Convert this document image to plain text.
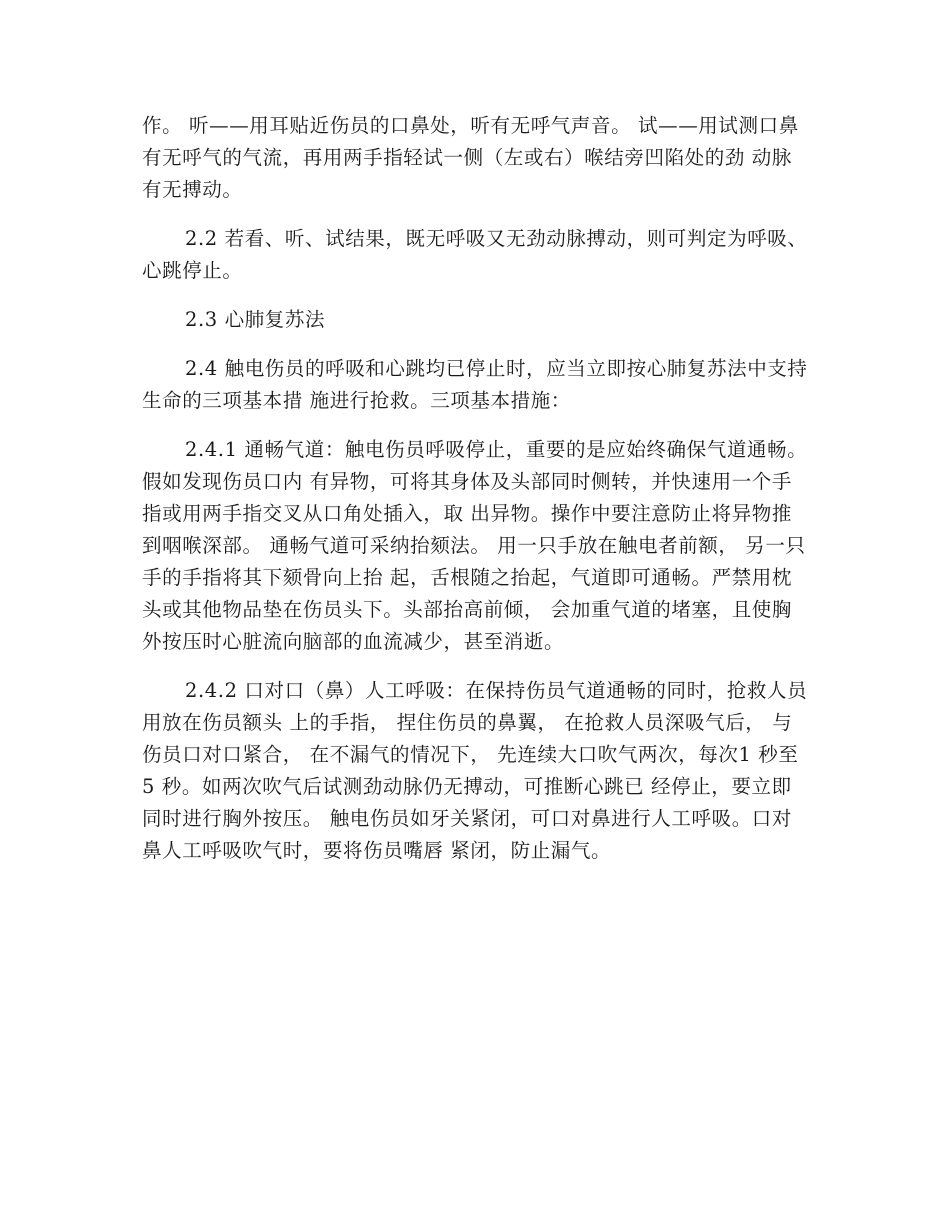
作。 听——用耳贴近伤员的口鼻处，听有无呼气声音。 试——用试测口鼻有无呼气的气流，再用两手指轻试一侧（左或右）喉结旁凹陷处的劲 动脉有无搏动。

2.2 若看、听、试结果，既无呼吸又无劲动脉搏动，则可判定为呼吸、心跳停止。

2.3 心肺复苏法

2.4 触电伤员的呼吸和心跳均已停止时，应当立即按心肺复苏法中支持生命的三项基本措 施进行抢救。三项基本措施：

2.4.1 通畅气道：触电伤员呼吸停止，重要的是应始终确保气道通畅。假如发现伤员口内 有异物，可将其身体及头部同时侧转，并快速用一个手指或用两手指交叉从口角处插入，取 出异物。操作中要注意防止将异物推到咽喉深部。 通畅气道可采纳抬颏法。 用一只手放在触电者前额， 另一只手的手指将其下颏骨向上抬 起，舌根随之抬起，气道即可通畅。严禁用枕头或其他物品垫在伤员头下。头部抬高前倾， 会加重气道的堵塞，且使胸外按压时心脏流向脑部的血流减少，甚至消逝。

2.4.2 口对口（鼻）人工呼吸：在保持伤员气道通畅的同时，抢救人员用放在伤员额头 上的手指， 捏住伤员的鼻翼， 在抢救人员深吸气后， 与伤员口对口紧合， 在不漏气的情况下， 先连续大口吹气两次，每次1 秒至5 秒。如两次吹气后试测劲动脉仍无搏动，可推断心跳已 经停止，要立即同时进行胸外按压。 触电伤员如牙关紧闭，可口对鼻进行人工呼吸。口对鼻人工呼吸吹气时，要将伤员嘴唇 紧闭，防止漏气。
